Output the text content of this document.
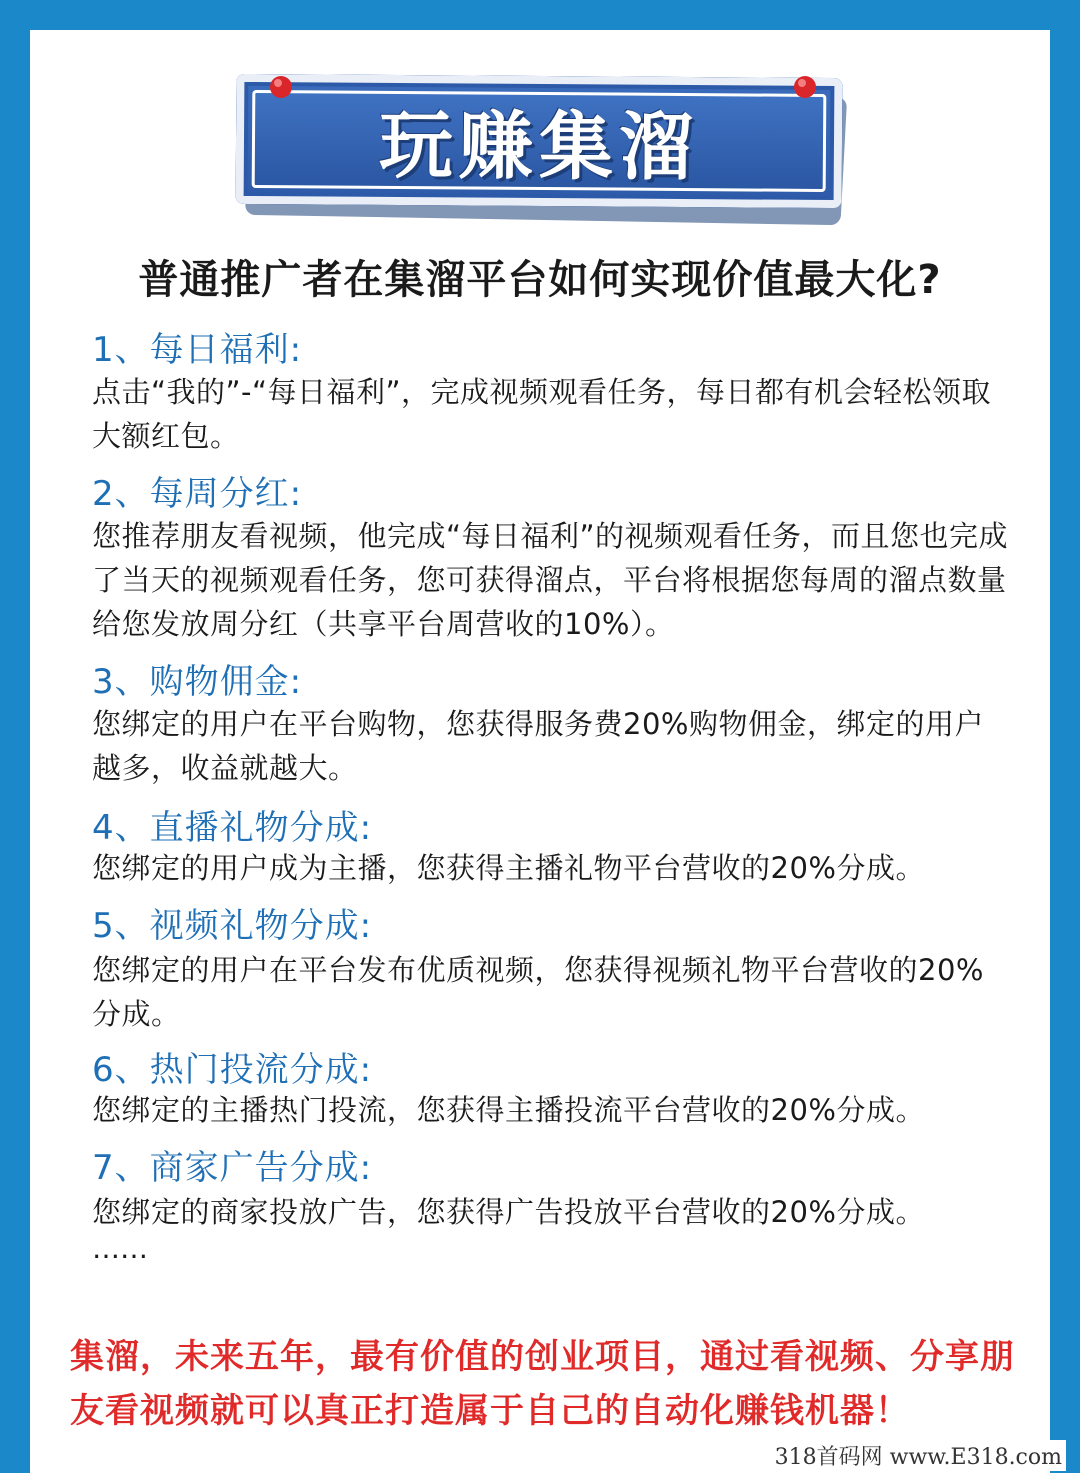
玩赚集溜
普通推广者在集溜平台如何实现价值最大化?
1、每日福利:
点击“我的”-“每日福利”，完成视频观看任务，每日都有机会轻松领取大额红包。
2、每周分红:
您推荐朋友看视频，他完成“每日福利”的视频观看任务，而且您也完成了当天的视频观看任务，您可获得溜点，平台将根据您每周的溜点数量给您发放周分红（共享平台周营收的10%）。
3、购物佣金:
您绑定的用户在平台购物，您获得服务费20%购物佣金，绑定的用户越多，收益就越大。
4、直播礼物分成:
您绑定的用户成为主播，您获得主播礼物平台营收的20%分成。
5、视频礼物分成:
您绑定的用户在平台发布优质视频，您获得视频礼物平台营收的20%分成。
6、热门投流分成:
您绑定的主播热门投流，您获得主播投流平台营收的20%分成。
7、商家广告分成:
您绑定的商家投放广告，您获得广告投放平台营收的20%分成。
……
集溜，未来五年，最有价值的创业项目，通过看视频、分享朋友看视频就可以真正打造属于自己的自动化赚钱机器！
318首码网 www.E318.com
